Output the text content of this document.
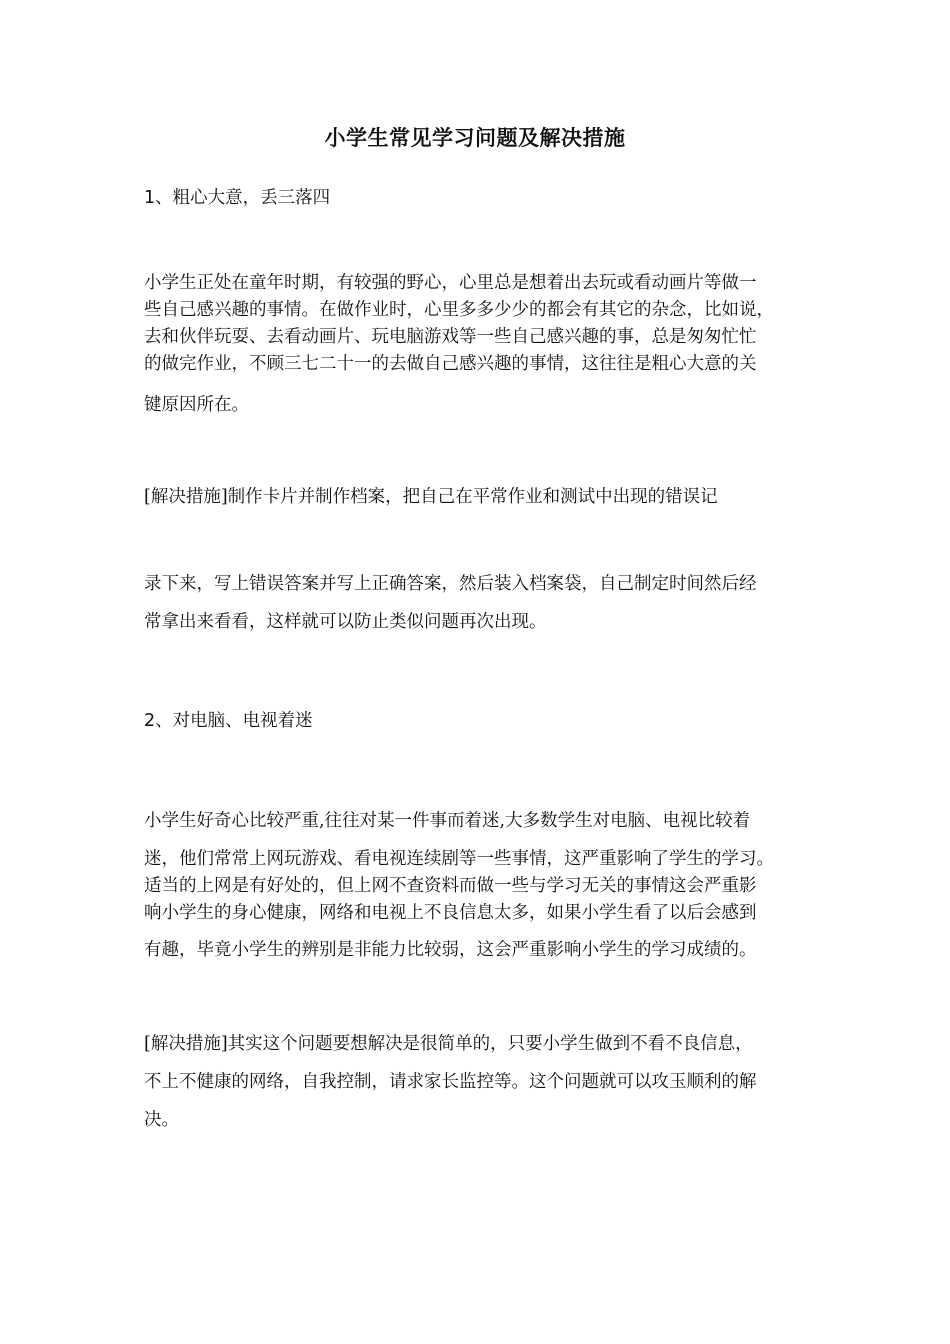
小学生常见学习问题及解决措施
1、粗心大意，丢三落四
小学生正处在童年时期，有较强的野心，心里总是想着出去玩或看动画片等做一
些自己感兴趣的事情。在做作业时，心里多多少少的都会有其它的杂念，比如说，
去和伙伴玩耍、去看动画片、玩电脑游戏等一些自己感兴趣的事，总是匆匆忙忙
的做完作业，不顾三七二十一的去做自己感兴趣的事情，这往往是粗心大意的关
键原因所在。
[解决措施]制作卡片并制作档案，把自己在平常作业和测试中出现的错误记
录下来，写上错误答案并写上正确答案，然后装入档案袋，自己制定时间然后经
常拿出来看看，这样就可以防止类似问题再次出现。
2、对电脑、电视着迷
小学生好奇心比较严重,往往对某一件事而着迷,大多数学生对电脑、电视比较着
迷，他们常常上网玩游戏、看电视连续剧等一些事情，这严重影响了学生的学习。
适当的上网是有好处的，但上网不查资料而做一些与学习无关的事情这会严重影
响小学生的身心健康，网络和电视上不良信息太多，如果小学生看了以后会感到
有趣，毕竟小学生的辨别是非能力比较弱，这会严重影响小学生的学习成绩的。
[解决措施]其实这个问题要想解决是很简单的，只要小学生做到不看不良信息，
不上不健康的网络，自我控制，请求家长监控等。这个问题就可以攻玉顺利的解
决。
